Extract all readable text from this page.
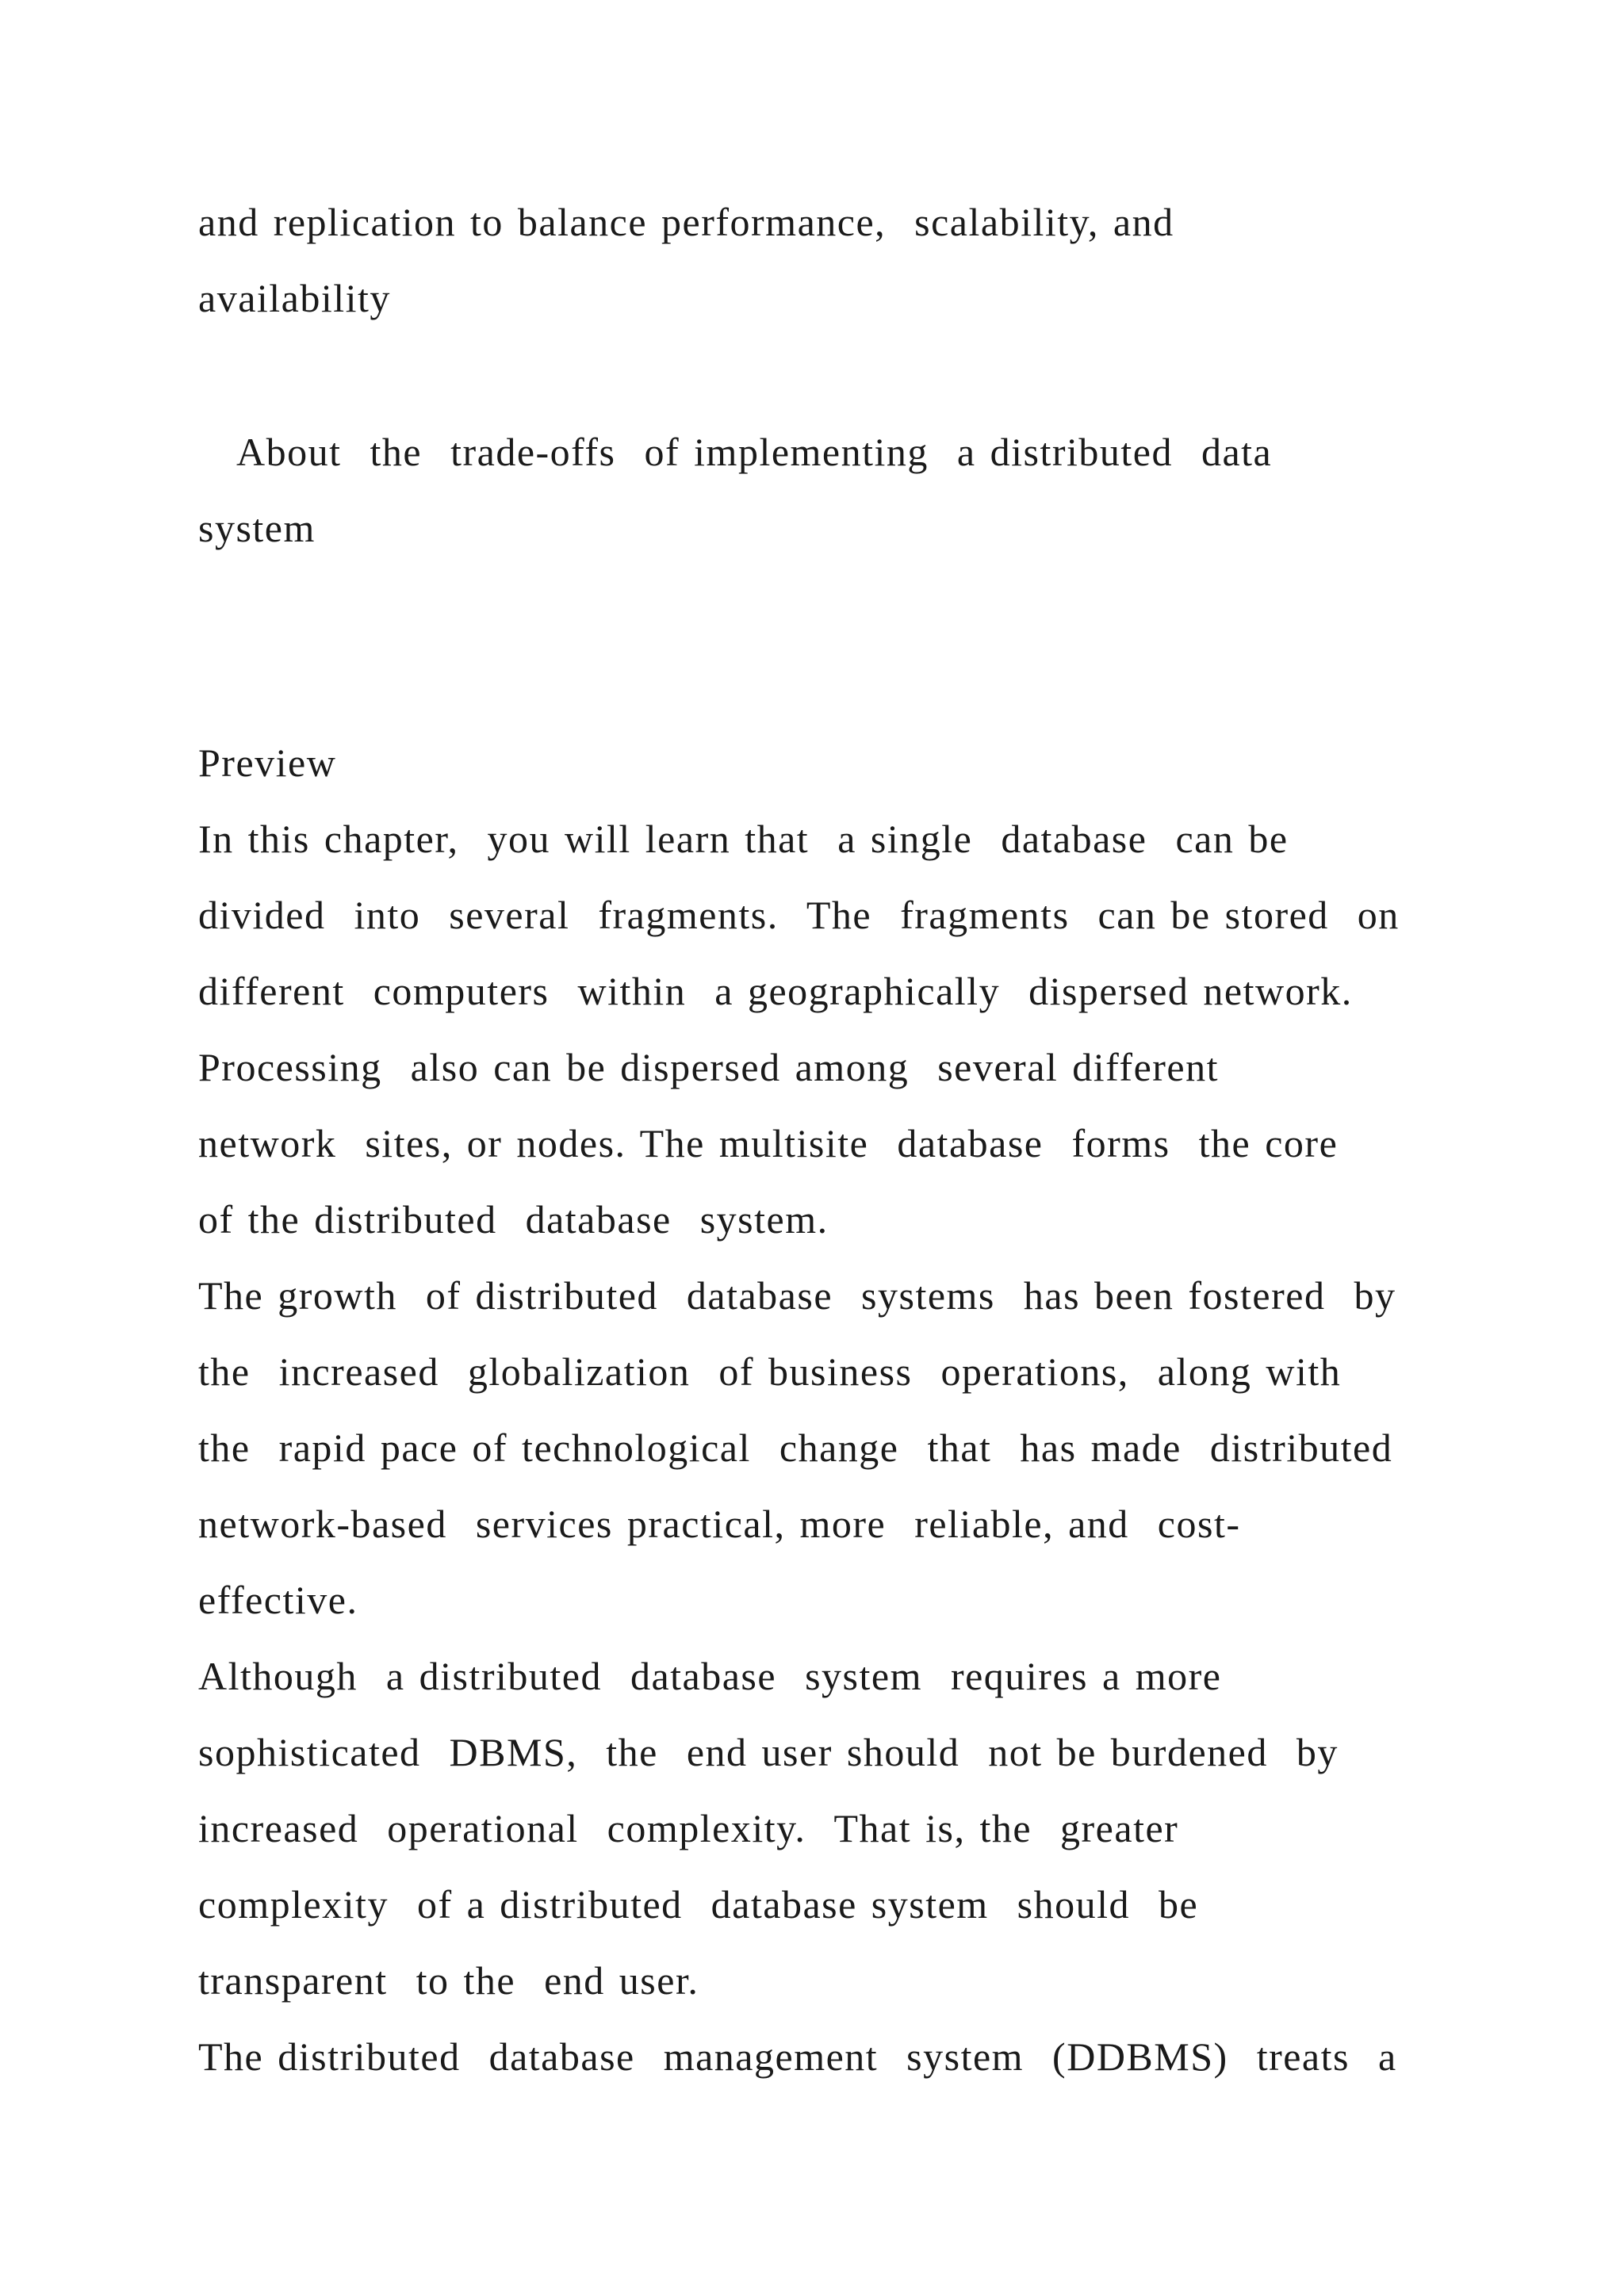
and replication to balance performance,  scalability, and
availability
About  the  trade-offs  of implementing  a distributed  data
system
Preview
In this chapter,  you will learn that  a single  database  can be
divided  into  several  fragments.  The  fragments  can be stored  on
different  computers  within  a geographically  dispersed network.
Processing  also can be dispersed among  several different
network  sites, or nodes. The multisite  database  forms  the core
of the distributed  database  system.
The growth  of distributed  database  systems  has been fostered  by
the  increased  globalization  of business  operations,  along with
the  rapid pace of technological  change  that  has made  distributed
network-based  services practical, more  reliable, and  cost-
effective.
Although  a distributed  database  system  requires a more
sophisticated  DBMS,  the  end user should  not be burdened  by
increased  operational  complexity.  That is, the  greater
complexity  of a distributed  database system  should  be
transparent  to the  end user.
The distributed  database  management  system  (DDBMS)  treats  a
